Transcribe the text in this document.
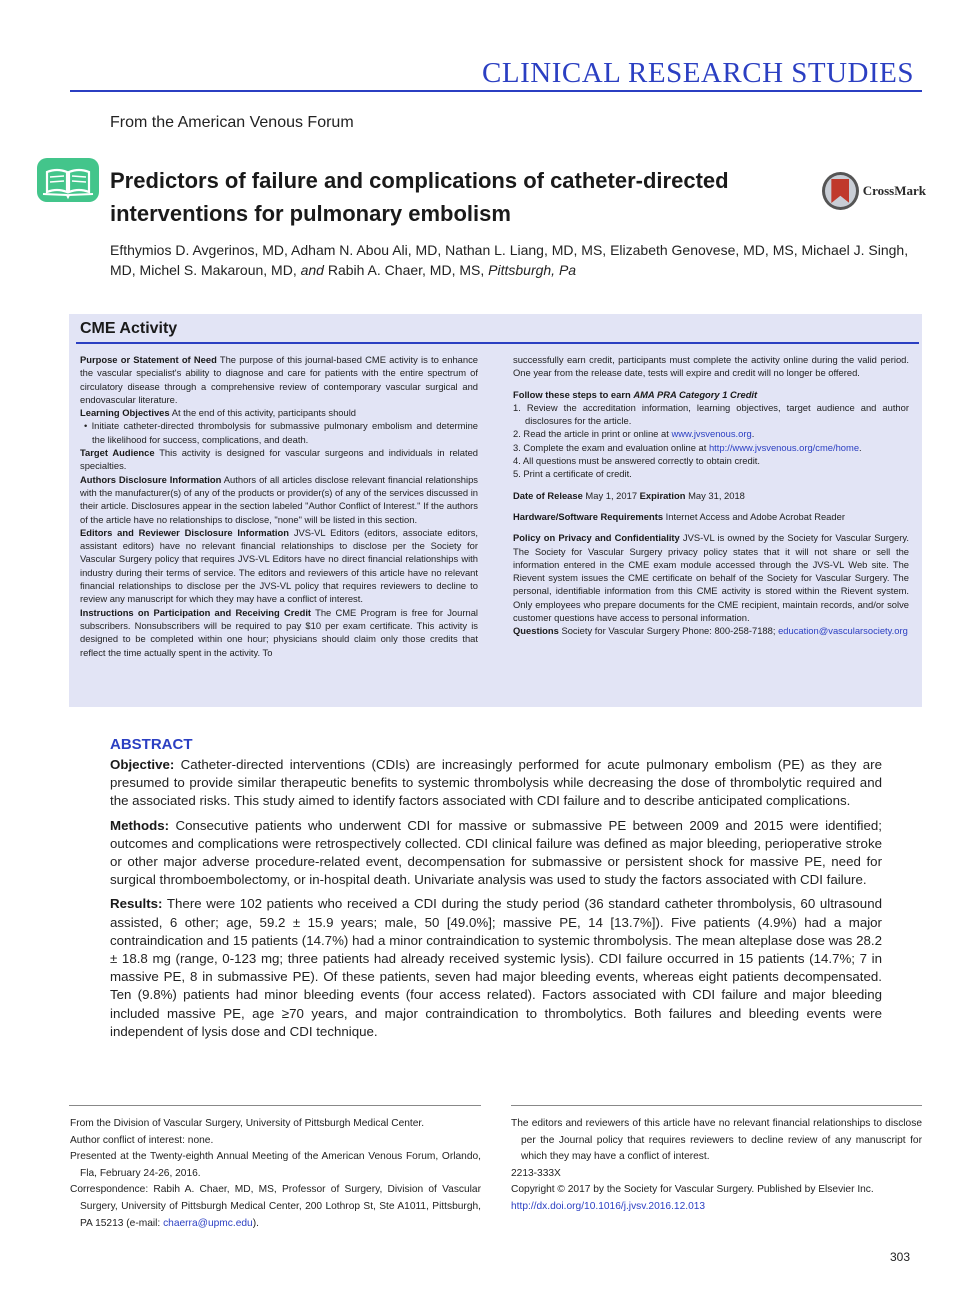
CLINICAL RESEARCH STUDIES
From the American Venous Forum
Predictors of failure and complications of catheter-directed interventions for pulmonary embolism
CrossMark
Efthymios D. Avgerinos, MD, Adham N. Abou Ali, MD, Nathan L. Liang, MD, MS, Elizabeth Genovese, MD, MS, Michael J. Singh, MD, Michel S. Makaroun, MD, and Rabih A. Chaer, MD, MS, Pittsburgh, Pa
CME Activity

Purpose or Statement of Need The purpose of this journal-based CME activity is to enhance the vascular specialist's ability to diagnose and care for patients with the entire spectrum of circulatory disease through a comprehensive review of contemporary vascular surgical and endovascular literature.

Learning Objectives At the end of this activity, participants should

• Initiate catheter-directed thrombolysis for submassive pulmonary embolism and determine the likelihood for success, complications, and death.

Target Audience This activity is designed for vascular surgeons and individuals in related specialties.

Authors Disclosure Information Authors of all articles disclose relevant financial relationships with the manufacturer(s) of any of the products or provider(s) of any of the services discussed in their article. Disclosures appear in the section labeled "Author Conflict of Interest." If the authors of the article have no relationships to disclose, "none" will be listed in this section.

Editors and Reviewer Disclosure Information JVS-VL Editors (editors, associate editors, assistant editors) have no relevant financial relationships to disclose per the Society for Vascular Surgery policy that requires JVS-VL Editors have no direct financial relationships with industry during their terms of service. The editors and reviewers of this article have no relevant financial relationships to disclose per the JVS-VL policy that requires reviewers to decline to review any manuscript for which they may have a conflict of interest.

Instructions on Participation and Receiving Credit The CME Program is free for Journal subscribers. Nonsubscribers will be required to pay $10 per exam certificate. This activity is designed to be completed within one hour; physicians should claim only those credits that reflect the time actually spent in the activity. To

successfully earn credit, participants must complete the activity online during the valid period. One year from the release date, tests will expire and credit will no longer be offered.

Follow these steps to earn AMA PRA Category 1 Credit

1. Review the accreditation information, learning objectives, target audience and author disclosures for the article.
2. Read the article in print or online at www.jvsvenous.org.
3. Complete the exam and evaluation online at http://www.jvsvenous.org/cme/home.
4. All questions must be answered correctly to obtain credit.
5. Print a certificate of credit.

Date of Release May 1, 2017 Expiration May 31, 2018

Hardware/Software Requirements Internet Access and Adobe Acrobat Reader

Policy on Privacy and Confidentiality JVS-VL is owned by the Society for Vascular Surgery. The Society for Vascular Surgery privacy policy states that it will not share or sell the information entered in the CME exam module accessed through the JVS-VL Web site. The Rievent system issues the CME certificate on behalf of the Society for Vascular Surgery. The personal, identifiable information from this CME activity is stored within the Rievent system. Only employees who prepare documents for the CME recipient, maintain records, and/or solve customer questions have access to personal information.

Questions Society for Vascular Surgery Phone: 800-258-7188; education@vascularsociety.org

ABSTRACT

Objective: Catheter-directed interventions (CDIs) are increasingly performed for acute pulmonary embolism (PE) as they are presumed to provide similar therapeutic benefits to systemic thrombolysis while decreasing the dose of thrombolytic required and the associated risks. This study aimed to identify factors associated with CDI failure and to describe anticipated complications.

Methods: Consecutive patients who underwent CDI for massive or submassive PE between 2009 and 2015 were identified; outcomes and complications were retrospectively collected. CDI clinical failure was defined as major bleeding, perioperative stroke or other major adverse procedure-related event, decompensation for submassive or persistent shock for massive PE, need for surgical thromboembolectomy, or in-hospital death. Univariate analysis was used to study the factors associated with CDI failure.

Results: There were 102 patients who received a CDI during the study period (36 standard catheter thrombolysis, 60 ultrasound assisted, 6 other; age, 59.2 ± 15.9 years; male, 50 [49.0%]; massive PE, 14 [13.7%]). Five patients (4.9%) had a major contraindication and 15 patients (14.7%) had a minor contraindication to systemic thrombolysis. The mean alteplase dose was 28.2 ± 18.8 mg (range, 0-123 mg; three patients had already received systemic lysis). CDI failure occurred in 15 patients (14.7%; 7 in massive PE, 8 in submassive PE). Of these patients, seven had major bleeding events, whereas eight patients decompensated. Ten (9.8%) patients had minor bleeding events (four access related). Factors associated with CDI failure and major bleeding included massive PE, age ≥70 years, and major contraindication to thrombolytics. Both failures and bleeding events were independent of lysis dose and CDI technique.

From the Division of Vascular Surgery, University of Pittsburgh Medical Center.

Author conflict of interest: none.

Presented at the Twenty-eighth Annual Meeting of the American Venous Forum, Orlando, Fla, February 24-26, 2016.

Correspondence: Rabih A. Chaer, MD, MS, Professor of Surgery, Division of Vascular Surgery, University of Pittsburgh Medical Center, 200 Lothrop St, Ste A1011, Pittsburgh, PA 15213 (e-mail: chaerra@upmc.edu).

The editors and reviewers of this article have no relevant financial relationships to disclose per the Journal policy that requires reviewers to decline review of any manuscript for which they may have a conflict of interest.

2213-333X

Copyright © 2017 by the Society for Vascular Surgery. Published by Elsevier Inc.

http://dx.doi.org/10.1016/j.jvsv.2016.12.013

303
